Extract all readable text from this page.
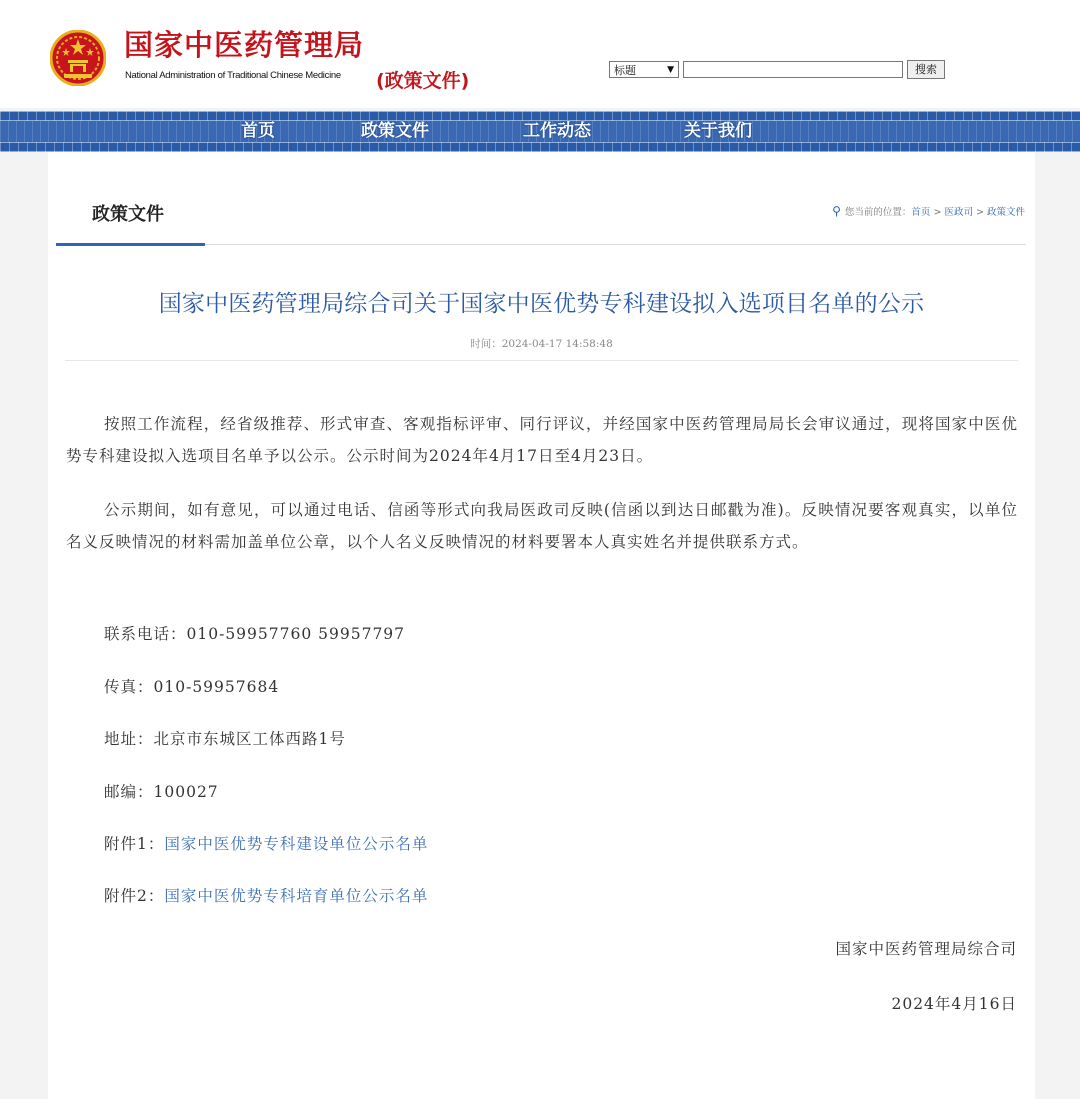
国家中医药管理局
National Administration of Traditional Chinese Medicine (政策文件)	标题	▼	搜索
首页	政策文件	工作动态	关于我们
政策文件	⚲ 您当前的位置：首页 > 医政司 > 政策文件
国家中医药管理局综合司关于国家中医优势专科建设拟入选项目名单的公示
时间：2024-04-17 14:58:48
按照工作流程，经省级推荐、形式审查、客观指标评审、同行评议，并经国家中医药管理局局长会审议通过，现将国家中医优势专科建设拟入选项目名单予以公示。公示时间为2024年4月17日至4月23日。
公示期间，如有意见，可以通过电话、信函等形式向我局医政司反映(信函以到达日邮戳为准)。反映情况要客观真实，以单位名义反映情况的材料需加盖单位公章，以个人名义反映情况的材料要署本人真实姓名并提供联系方式。
联系电话：010-59957760 59957797
传真：010-59957684
地址：北京市东城区工体西路1号
邮编：100027
附件1：国家中医优势专科建设单位公示名单
附件2：国家中医优势专科培育单位公示名单
国家中医药管理局综合司
2024年4月16日
